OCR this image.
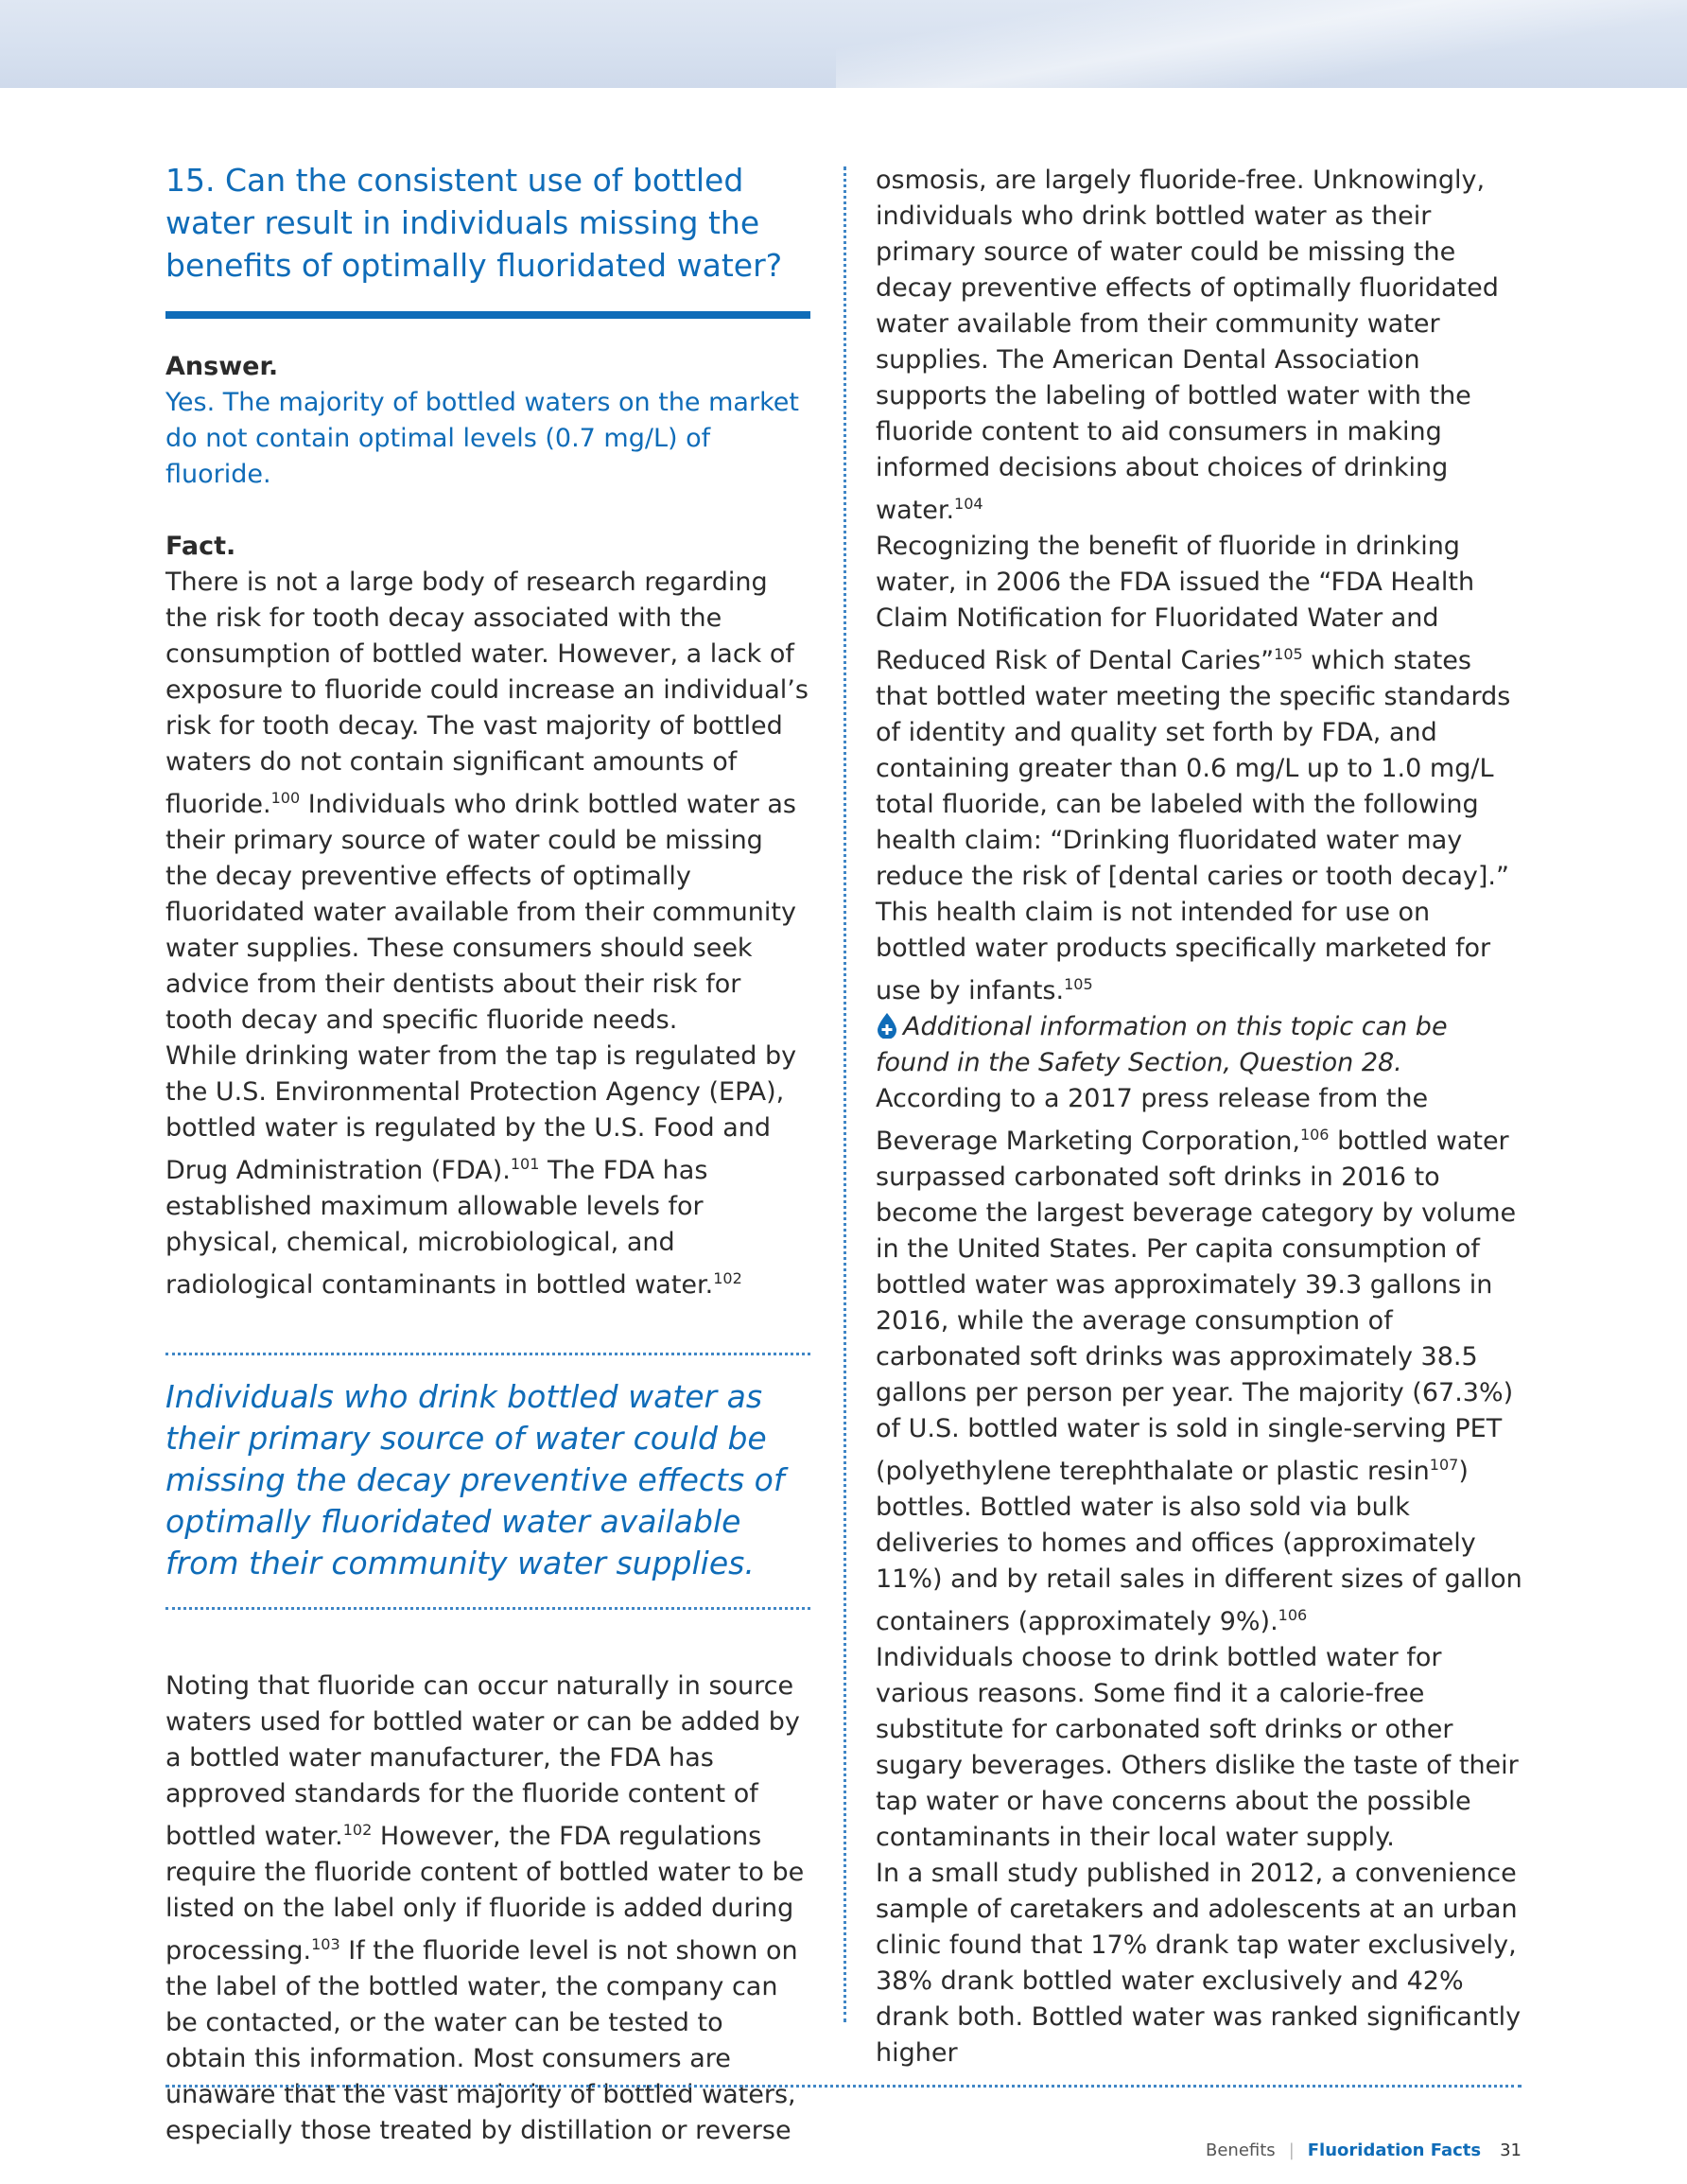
15. Can the consistent use of bottled water result in individuals missing the benefits of optimally fluoridated water?

Answer.

Yes. The majority of bottled waters on the market do not contain optimal levels (0.7 mg/L) of fluoride.

Fact.

There is not a large body of research regarding the risk for tooth decay associated with the consumption of bottled water. However, a lack of exposure to fluoride could increase an individual’s risk for tooth decay. The vast majority of bottled waters do not contain significant amounts of fluoride.$^{100}$ Individuals who drink bottled water as their primary source of water could be missing the decay preventive effects of optimally fluoridated water available from their community water supplies. These consumers should seek advice from their dentists about their risk for tooth decay and specific fluoride needs.

While drinking water from the tap is regulated by the U.S. Environmental Protection Agency (EPA), bottled water is regulated by the U.S. Food and Drug Administration (FDA).$^{101}$ The FDA has established maximum allowable levels for physical, chemical, microbiological, and radiological contaminants in bottled water.$^{102}$

Individuals who drink bottled water as their primary source of water could be missing the decay preventive effects of optimally fluoridated water available from their community water supplies.

Noting that fluoride can occur naturally in source waters used for bottled water or can be added by a bottled water manufacturer, the FDA has approved standards for the fluoride content of bottled water.$^{102}$ However, the FDA regulations require the fluoride content of bottled water to be listed on the label only if fluoride is added during processing.$^{103}$ If the fluoride level is not shown on the label of the bottled water, the company can be contacted, or the water can be tested to obtain this information. Most consumers are unaware that the vast majority of bottled waters, especially those treated by distillation or reverse

osmosis, are largely fluoride-free. Unknowingly, individuals who drink bottled water as their primary source of water could be missing the decay preventive effects of optimally fluoridated water available from their community water supplies. The American Dental Association supports the labeling of bottled water with the fluoride content to aid consumers in making informed decisions about choices of drinking water.$^{104}$

Recognizing the benefit of fluoride in drinking water, in 2006 the FDA issued the “FDA Health Claim Notification for Fluoridated Water and Reduced Risk of Dental Caries”$^{105}$ which states that bottled water meeting the specific standards of identity and quality set forth by FDA, and containing greater than 0.6 mg/L up to 1.0 mg/L total fluoride, can be labeled with the following health claim: “Drinking fluoridated water may reduce the risk of [dental caries or tooth decay].” This health claim is not intended for use on bottled water products specifically marketed for use by infants.$^{105}$

Additional information on this topic can be found in the Safety Section, Question 28.

According to a 2017 press release from the Beverage Marketing Corporation,$^{106}$ bottled water surpassed carbonated soft drinks in 2016 to become the largest beverage category by volume in the United States. Per capita consumption of bottled water was approximately 39.3 gallons in 2016, while the average consumption of carbonated soft drinks was approximately 38.5 gallons per person per year. The majority (67.3%) of U.S. bottled water is sold in single-serving PET (polyethylene terephthalate or plastic resin$^{107}$) bottles. Bottled water is also sold via bulk deliveries to homes and offices (approximately 11%) and by retail sales in different sizes of gallon containers (approximately 9%).$^{106}$

Individuals choose to drink bottled water for various reasons. Some find it a calorie-free substitute for carbonated soft drinks or other sugary beverages. Others dislike the taste of their tap water or have concerns about the possible contaminants in their local water supply.

In a small study published in 2012, a convenience sample of caretakers and adolescents at an urban clinic found that 17% drank tap water exclusively, 38% drank bottled water exclusively and 42% drank both. Bottled water was ranked significantly higher

Benefits | Fluoridation Facts 31
